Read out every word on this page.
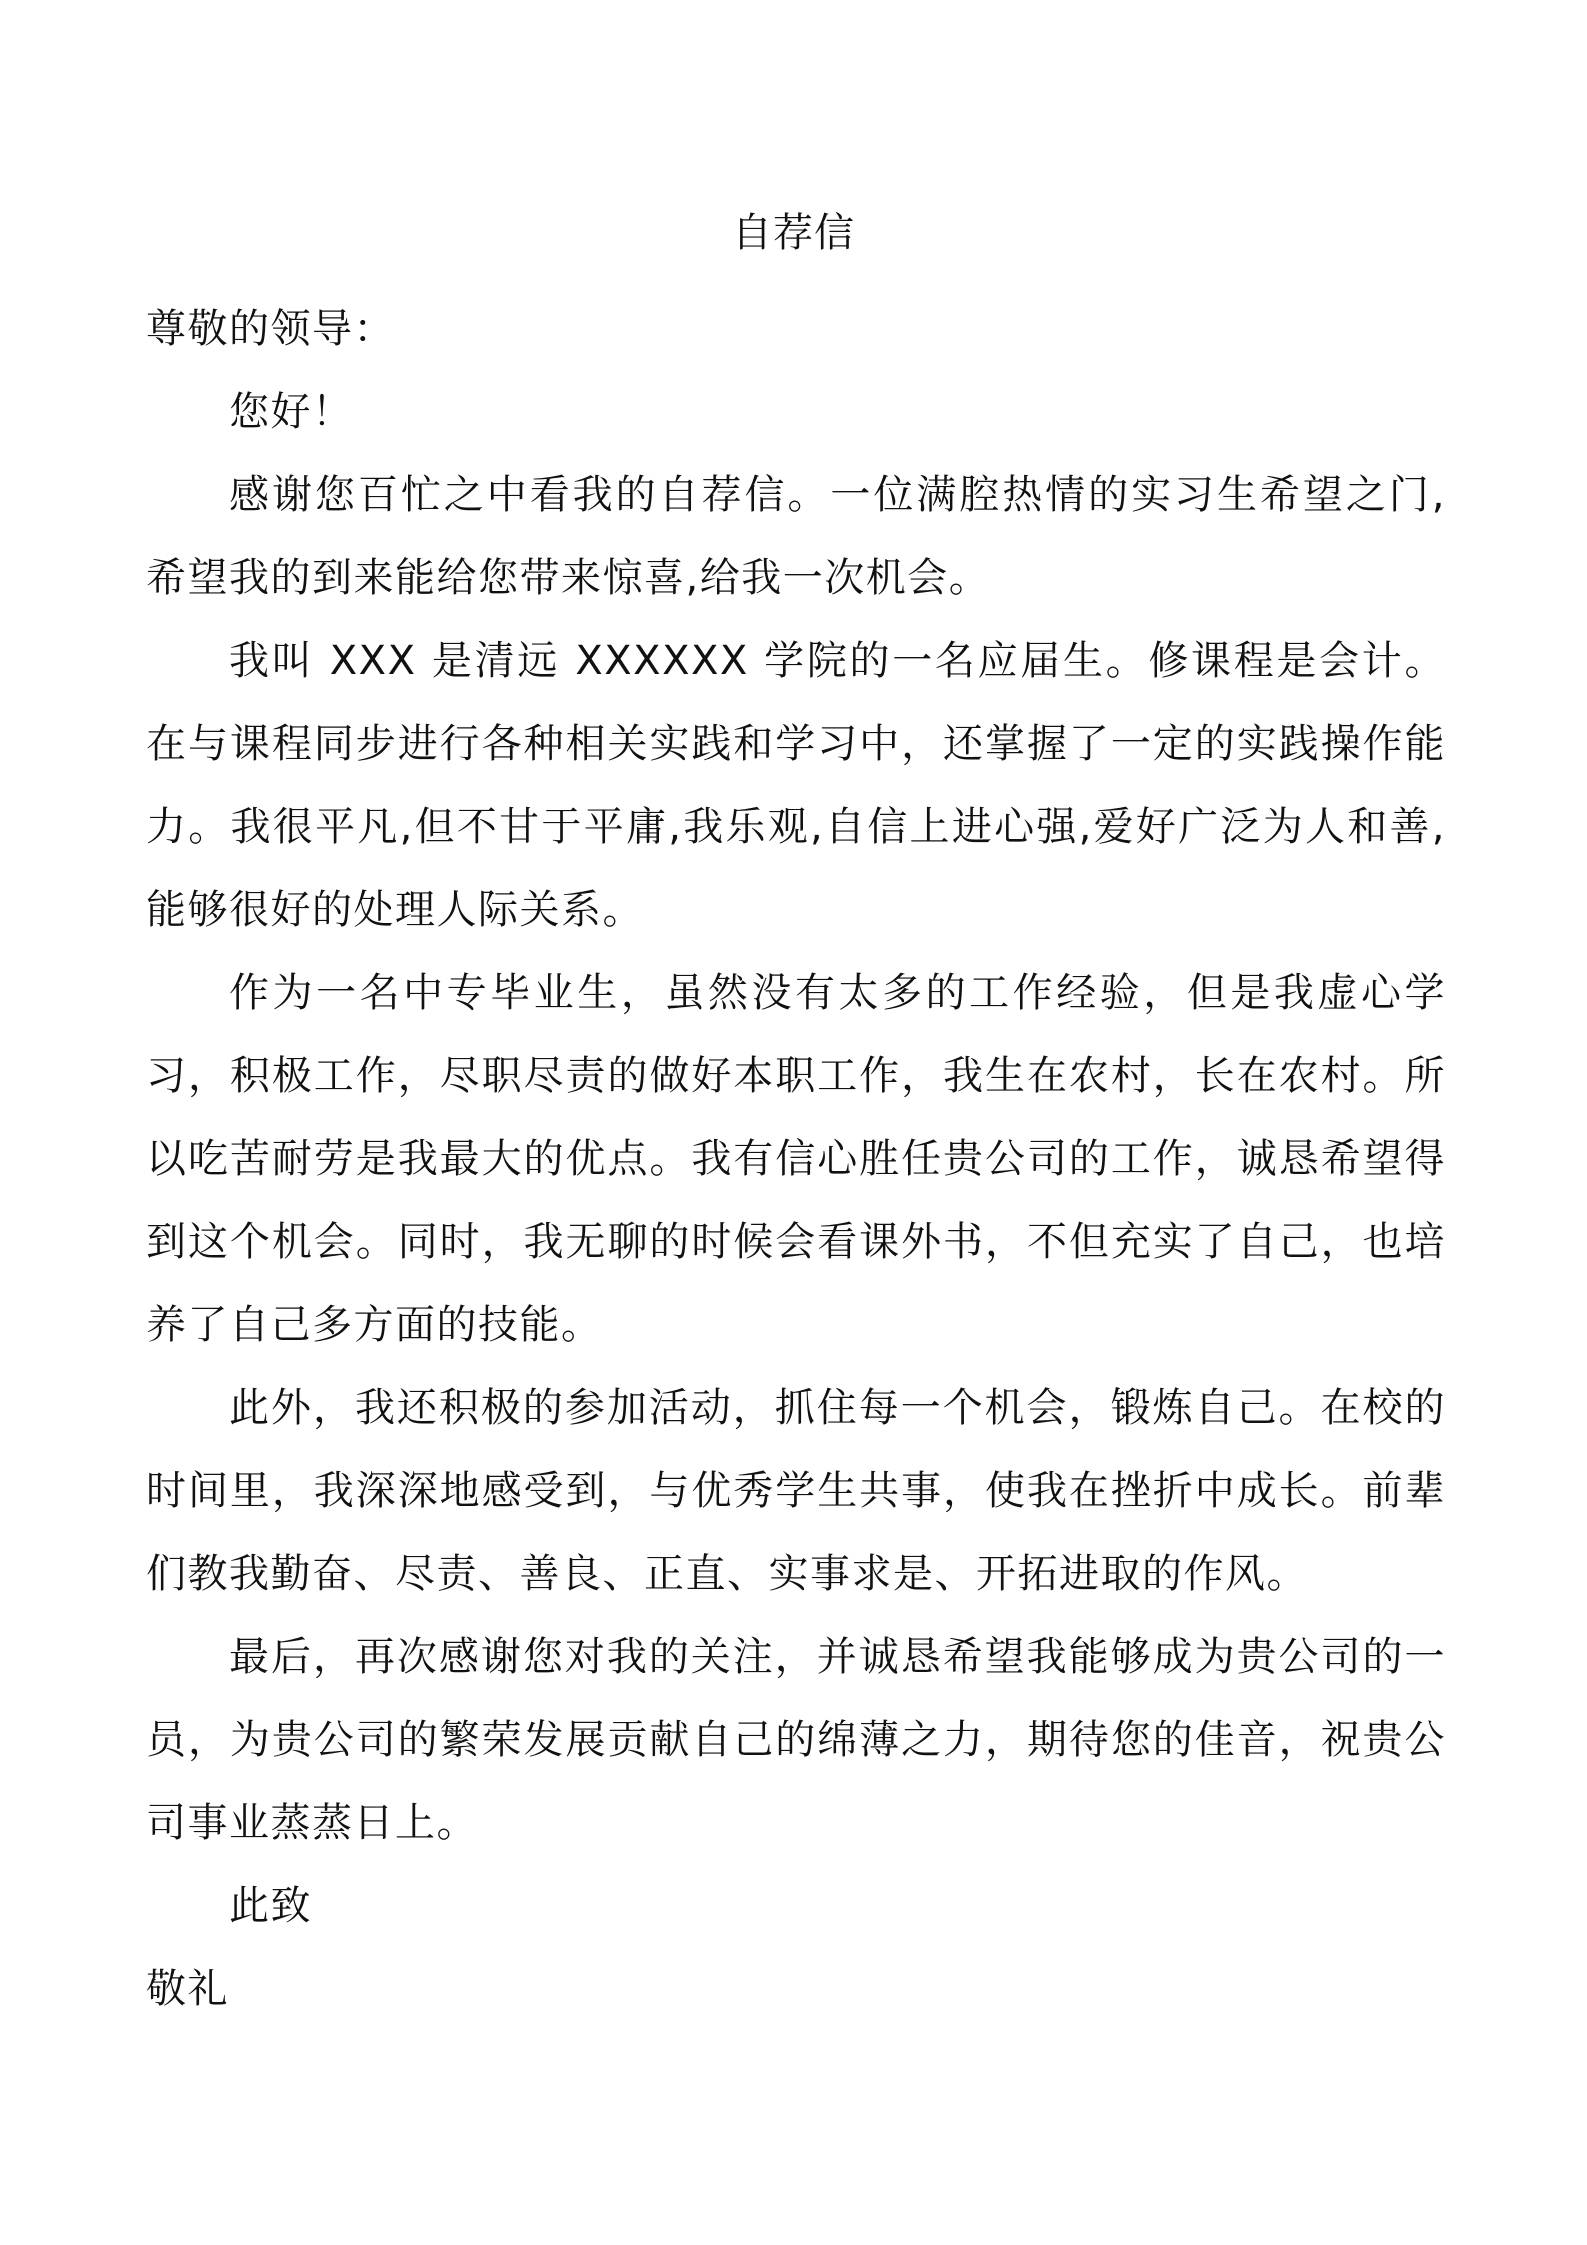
自荐信

尊敬的领导：

您好！

感谢您百忙之中看我的自荐信。一位满腔热情的实习生希望之门,希望我的到来能给您带来惊喜,给我一次机会。

我叫 XXX 是清远 XXXXXX 学院的一名应届生。修课程是会计。在与课程同步进行各种相关实践和学习中，还掌握了一定的实践操作能力。我很平凡,但不甘于平庸,我乐观,自信上进心强,爱好广泛为人和善,能够很好的处理人际关系。

作为一名中专毕业生，虽然没有太多的工作经验，但是我虚心学习，积极工作，尽职尽责的做好本职工作，我生在农村，长在农村。所以吃苦耐劳是我最大的优点。我有信心胜任贵公司的工作，诚恳希望得到这个机会。同时，我无聊的时候会看课外书，不但充实了自己，也培养了自己多方面的技能。

此外，我还积极的参加活动，抓住每一个机会，锻炼自己。在校的时间里，我深深地感受到，与优秀学生共事，使我在挫折中成长。前辈们教我勤奋、尽责、善良、正直、实事求是、开拓进取的作风。

最后，再次感谢您对我的关注，并诚恳希望我能够成为贵公司的一员，为贵公司的繁荣发展贡献自己的绵薄之力，期待您的佳音，祝贵公司事业蒸蒸日上。

此致

敬礼
